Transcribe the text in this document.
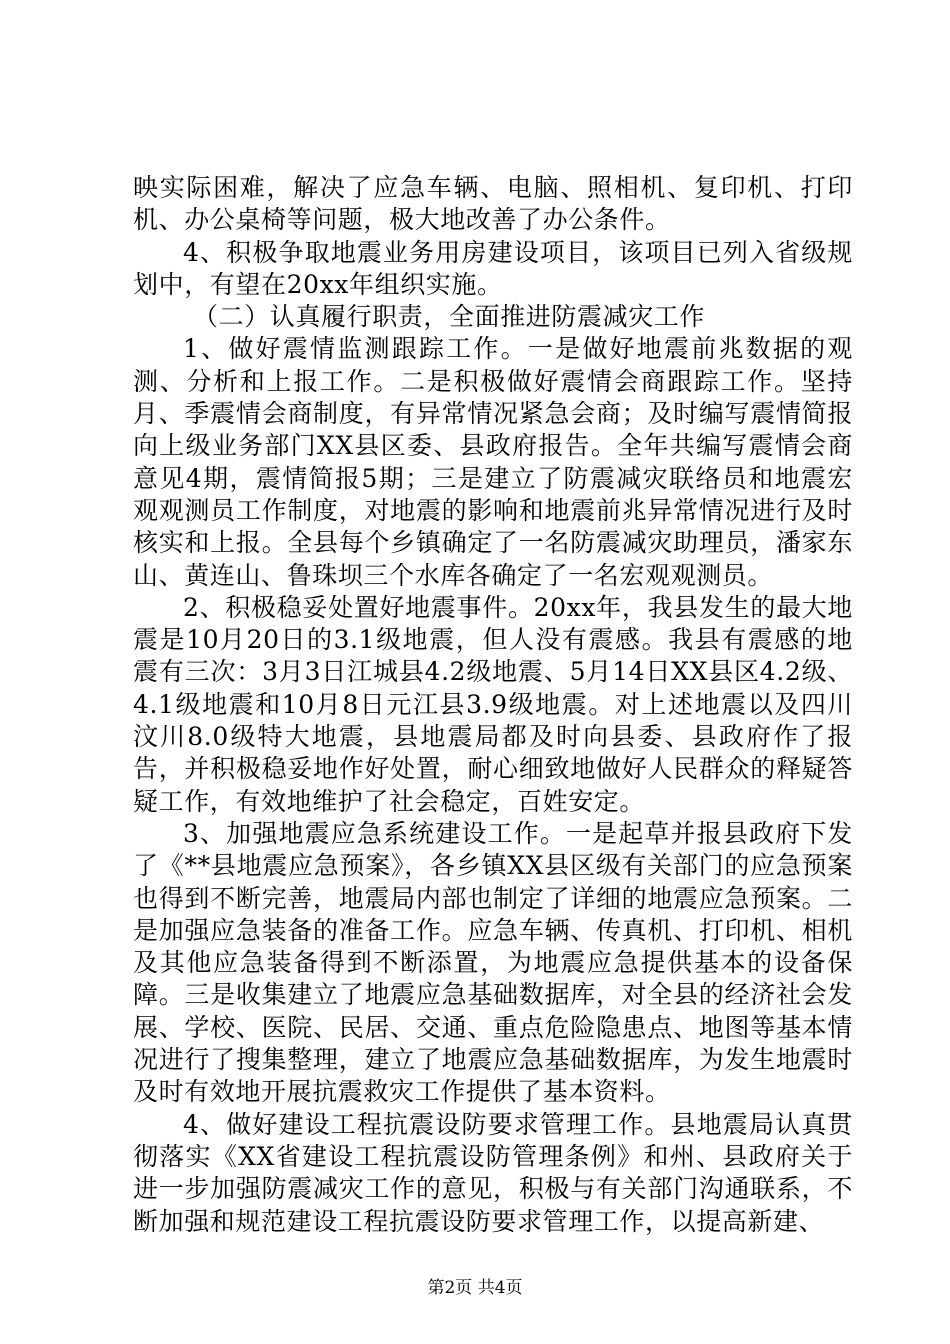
映实际困难，解决了应急车辆、电脑、照相机、复印机、打印机、办公桌椅等问题，极大地改善了办公条件。

4、积极争取地震业务用房建设项目，该项目已列入省级规划中，有望在20xx年组织实施。

（二）认真履行职责，全面推进防震减灾工作

1、做好震情监测跟踪工作。一是做好地震前兆数据的观测、分析和上报工作。二是积极做好震情会商跟踪工作。坚持月、季震情会商制度，有异常情况紧急会商；及时编写震情简报向上级业务部门XX县区委、县政府报告。全年共编写震情会商意见4期，震情简报5期；三是建立了防震减灾联络员和地震宏观观测员工作制度，对地震的影响和地震前兆异常情况进行及时核实和上报。全县每个乡镇确定了一名防震减灾助理员，潘家东山、黄连山、鲁珠坝三个水库各确定了一名宏观观测员。

2、积极稳妥处置好地震事件。20xx年，我县发生的最大地震是10月20日的3.1级地震，但人没有震感。我县有震感的地震有三次：3月3日江城县4.2级地震、5月14日XX县区4.2级、4.1级地震和10月8日元江县3.9级地震。对上述地震以及四川汶川8.0级特大地震，县地震局都及时向县委、县政府作了报告，并积极稳妥地作好处置，耐心细致地做好人民群众的释疑答疑工作，有效地维护了社会稳定，百姓安定。

3、加强地震应急系统建设工作。一是起草并报县政府下发了《**县地震应急预案》，各乡镇XX县区级有关部门的应急预案也得到不断完善，地震局内部也制定了详细的地震应急预案。二是加强应急装备的准备工作。应急车辆、传真机、打印机、相机及其他应急装备得到不断添置，为地震应急提供基本的设备保障。三是收集建立了地震应急基础数据库，对全县的经济社会发展、学校、医院、民居、交通、重点危险隐患点、地图等基本情况进行了搜集整理，建立了地震应急基础数据库，为发生地震时及时有效地开展抗震救灾工作提供了基本资料。

4、做好建设工程抗震设防要求管理工作。县地震局认真贯彻落实《XX省建设工程抗震设防管理条例》和州、县政府关于进一步加强防震减灾工作的意见，积极与有关部门沟通联系，不断加强和规范建设工程抗震设防要求管理工作，以提高新建、

第2页 共4页
